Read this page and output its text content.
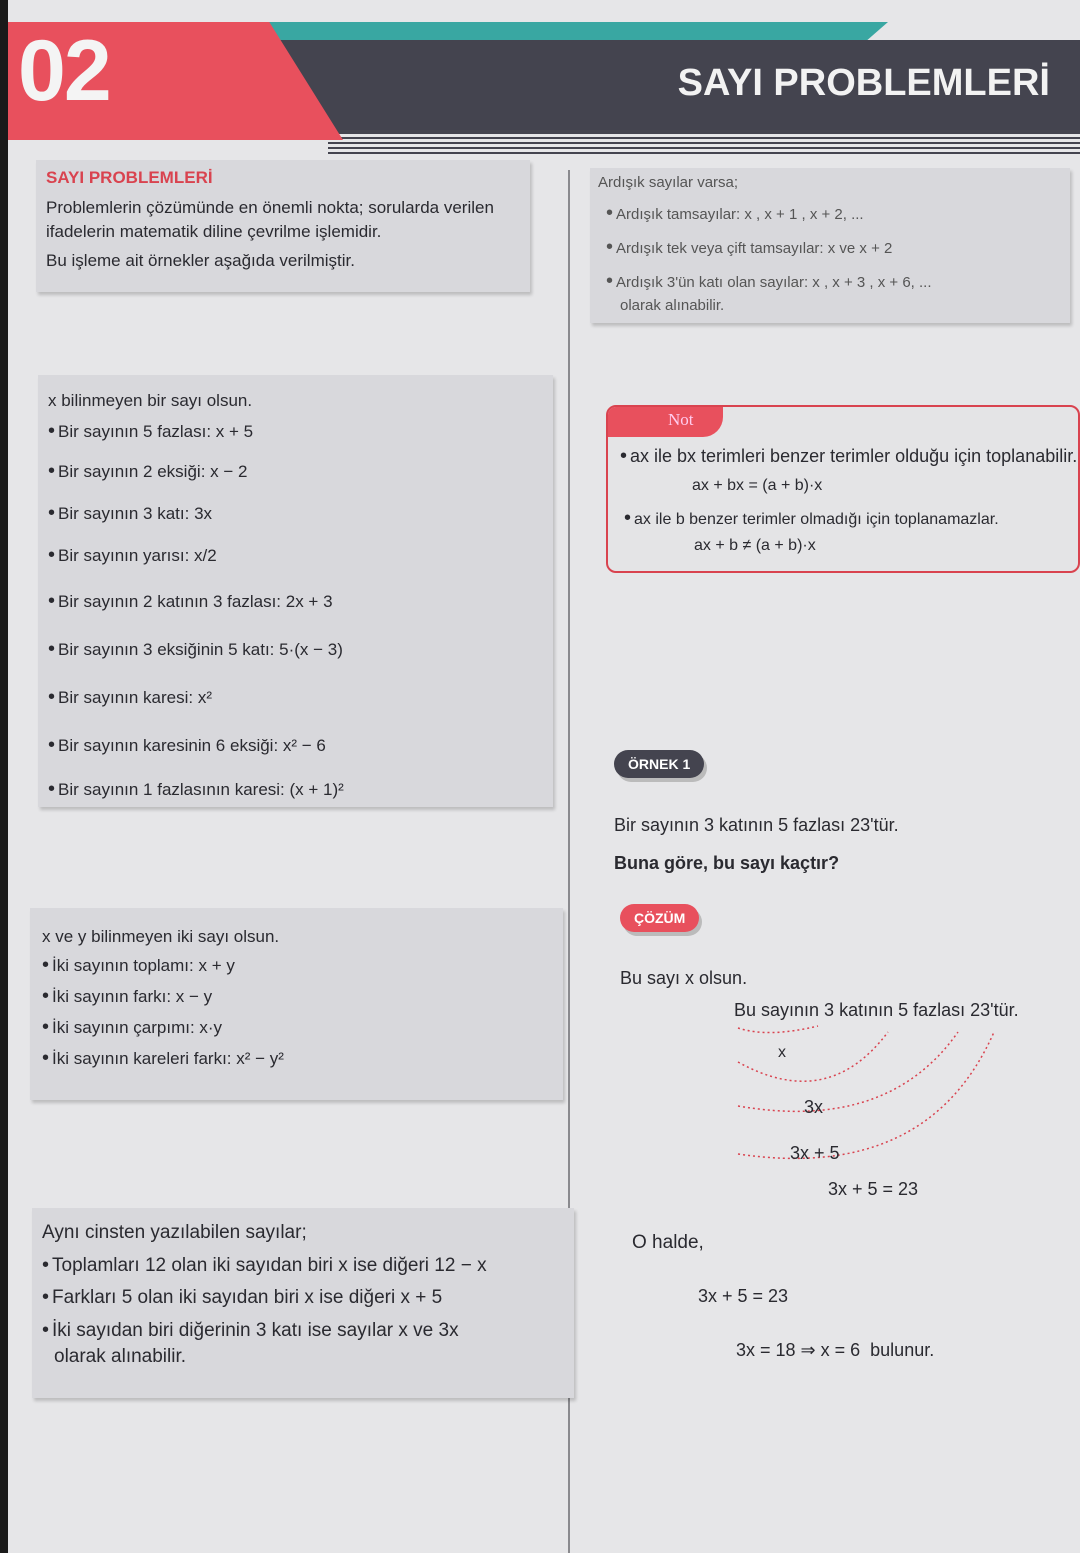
02	SAYI PROBLEMLERİ

SAYI PROBLEMLERİ

Problemlerin çözümünde en önemli nokta; sorularda verilen ifadelerin matematik diline çevrilme işlemidir.

Bu işleme ait örnekler aşağıda verilmiştir.

Ardışık sayılar varsa;

• Ardışık tamsayılar: x , x + 1 , x + 2, ...

• Ardışık tek veya çift tamsayılar: x ve x + 2

• Ardışık 3'ün katı olan sayılar: x , x + 3 , x + 6, ...

olarak alınabilir.

x bilinmeyen bir sayı olsun.

• Bir sayının 5 fazlası: x + 5

• Bir sayının 2 eksiği: x − 2

• Bir sayının 3 katı: 3x

• Bir sayının yarısı: x/2

• Bir sayının 2 katının 3 fazlası: 2x + 3

• Bir sayının 3 eksiğinin 5 katı: 5·(x − 3)

• Bir sayının karesi: x²

• Bir sayının karesinin 6 eksiği: x² − 6

• Bir sayının 1 fazlasının karesi: (x + 1)²

Not

• ax ile bx terimleri benzer terimler olduğu için toplanabilir.

ax + bx = (a + b)·x

• ax ile b benzer terimler olmadığı için toplanamazlar.

ax + b ≠ (a + b)·x

ÖRNEK 1

Bir sayının 3 katının 5 fazlası 23'tür.

Buna göre, bu sayı kaçtır?

x ve y bilinmeyen iki sayı olsun.

• İki sayının toplamı: x + y

• İki sayının farkı: x − y

• İki sayının çarpımı: x·y

• İki sayının kareleri farkı: x² − y²

ÇÖZÜM

Bu sayı x olsun.

Bu sayının 3 katının 5 fazlası 23'tür.

x

3x

3x + 5

3x + 5 = 23

Aynı cinsten yazılabilen sayılar;

• Toplamları 12 olan iki sayıdan biri x ise diğeri 12 − x

• Farkları 5 olan iki sayıdan biri x ise diğeri x + 5

• İki sayıdan biri diğerinin 3 katı ise sayılar x ve 3x

olarak alınabilir.

O halde,

3x + 5 = 23

3x = 18 ⇒ x = 6  bulunur.
